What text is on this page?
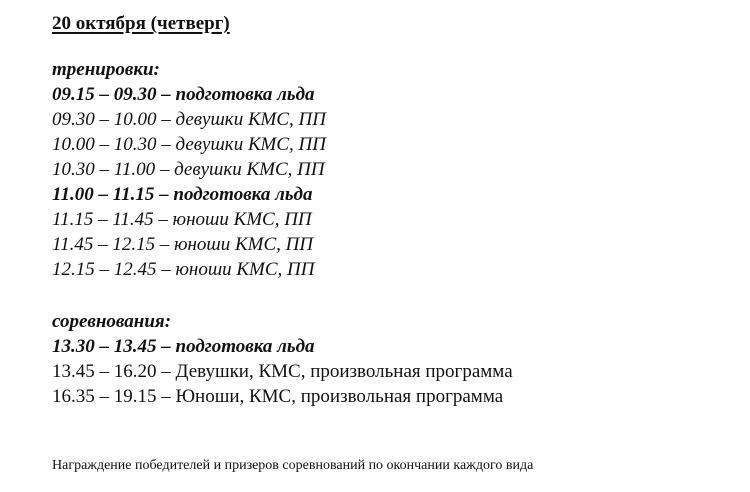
20 октября (четверг)
тренировки:
09.15 – 09.30 – подготовка льда
09.30 – 10.00 – девушки КМС, ПП
10.00 – 10.30 – девушки КМС, ПП
10.30 – 11.00 – девушки КМС, ПП
11.00 – 11.15 – подготовка льда
11.15 – 11.45 – юноши КМС, ПП
11.45 – 12.15 – юноши КМС, ПП
12.15 – 12.45 – юноши КМС, ПП
соревнования:
13.30 – 13.45 – подготовка льда
13.45 – 16.20 – Девушки, КМС, произвольная программа
16.35 – 19.15 – Юноши, КМС, произвольная программа
Награждение победителей и призеров соревнований по окончании каждого вида
